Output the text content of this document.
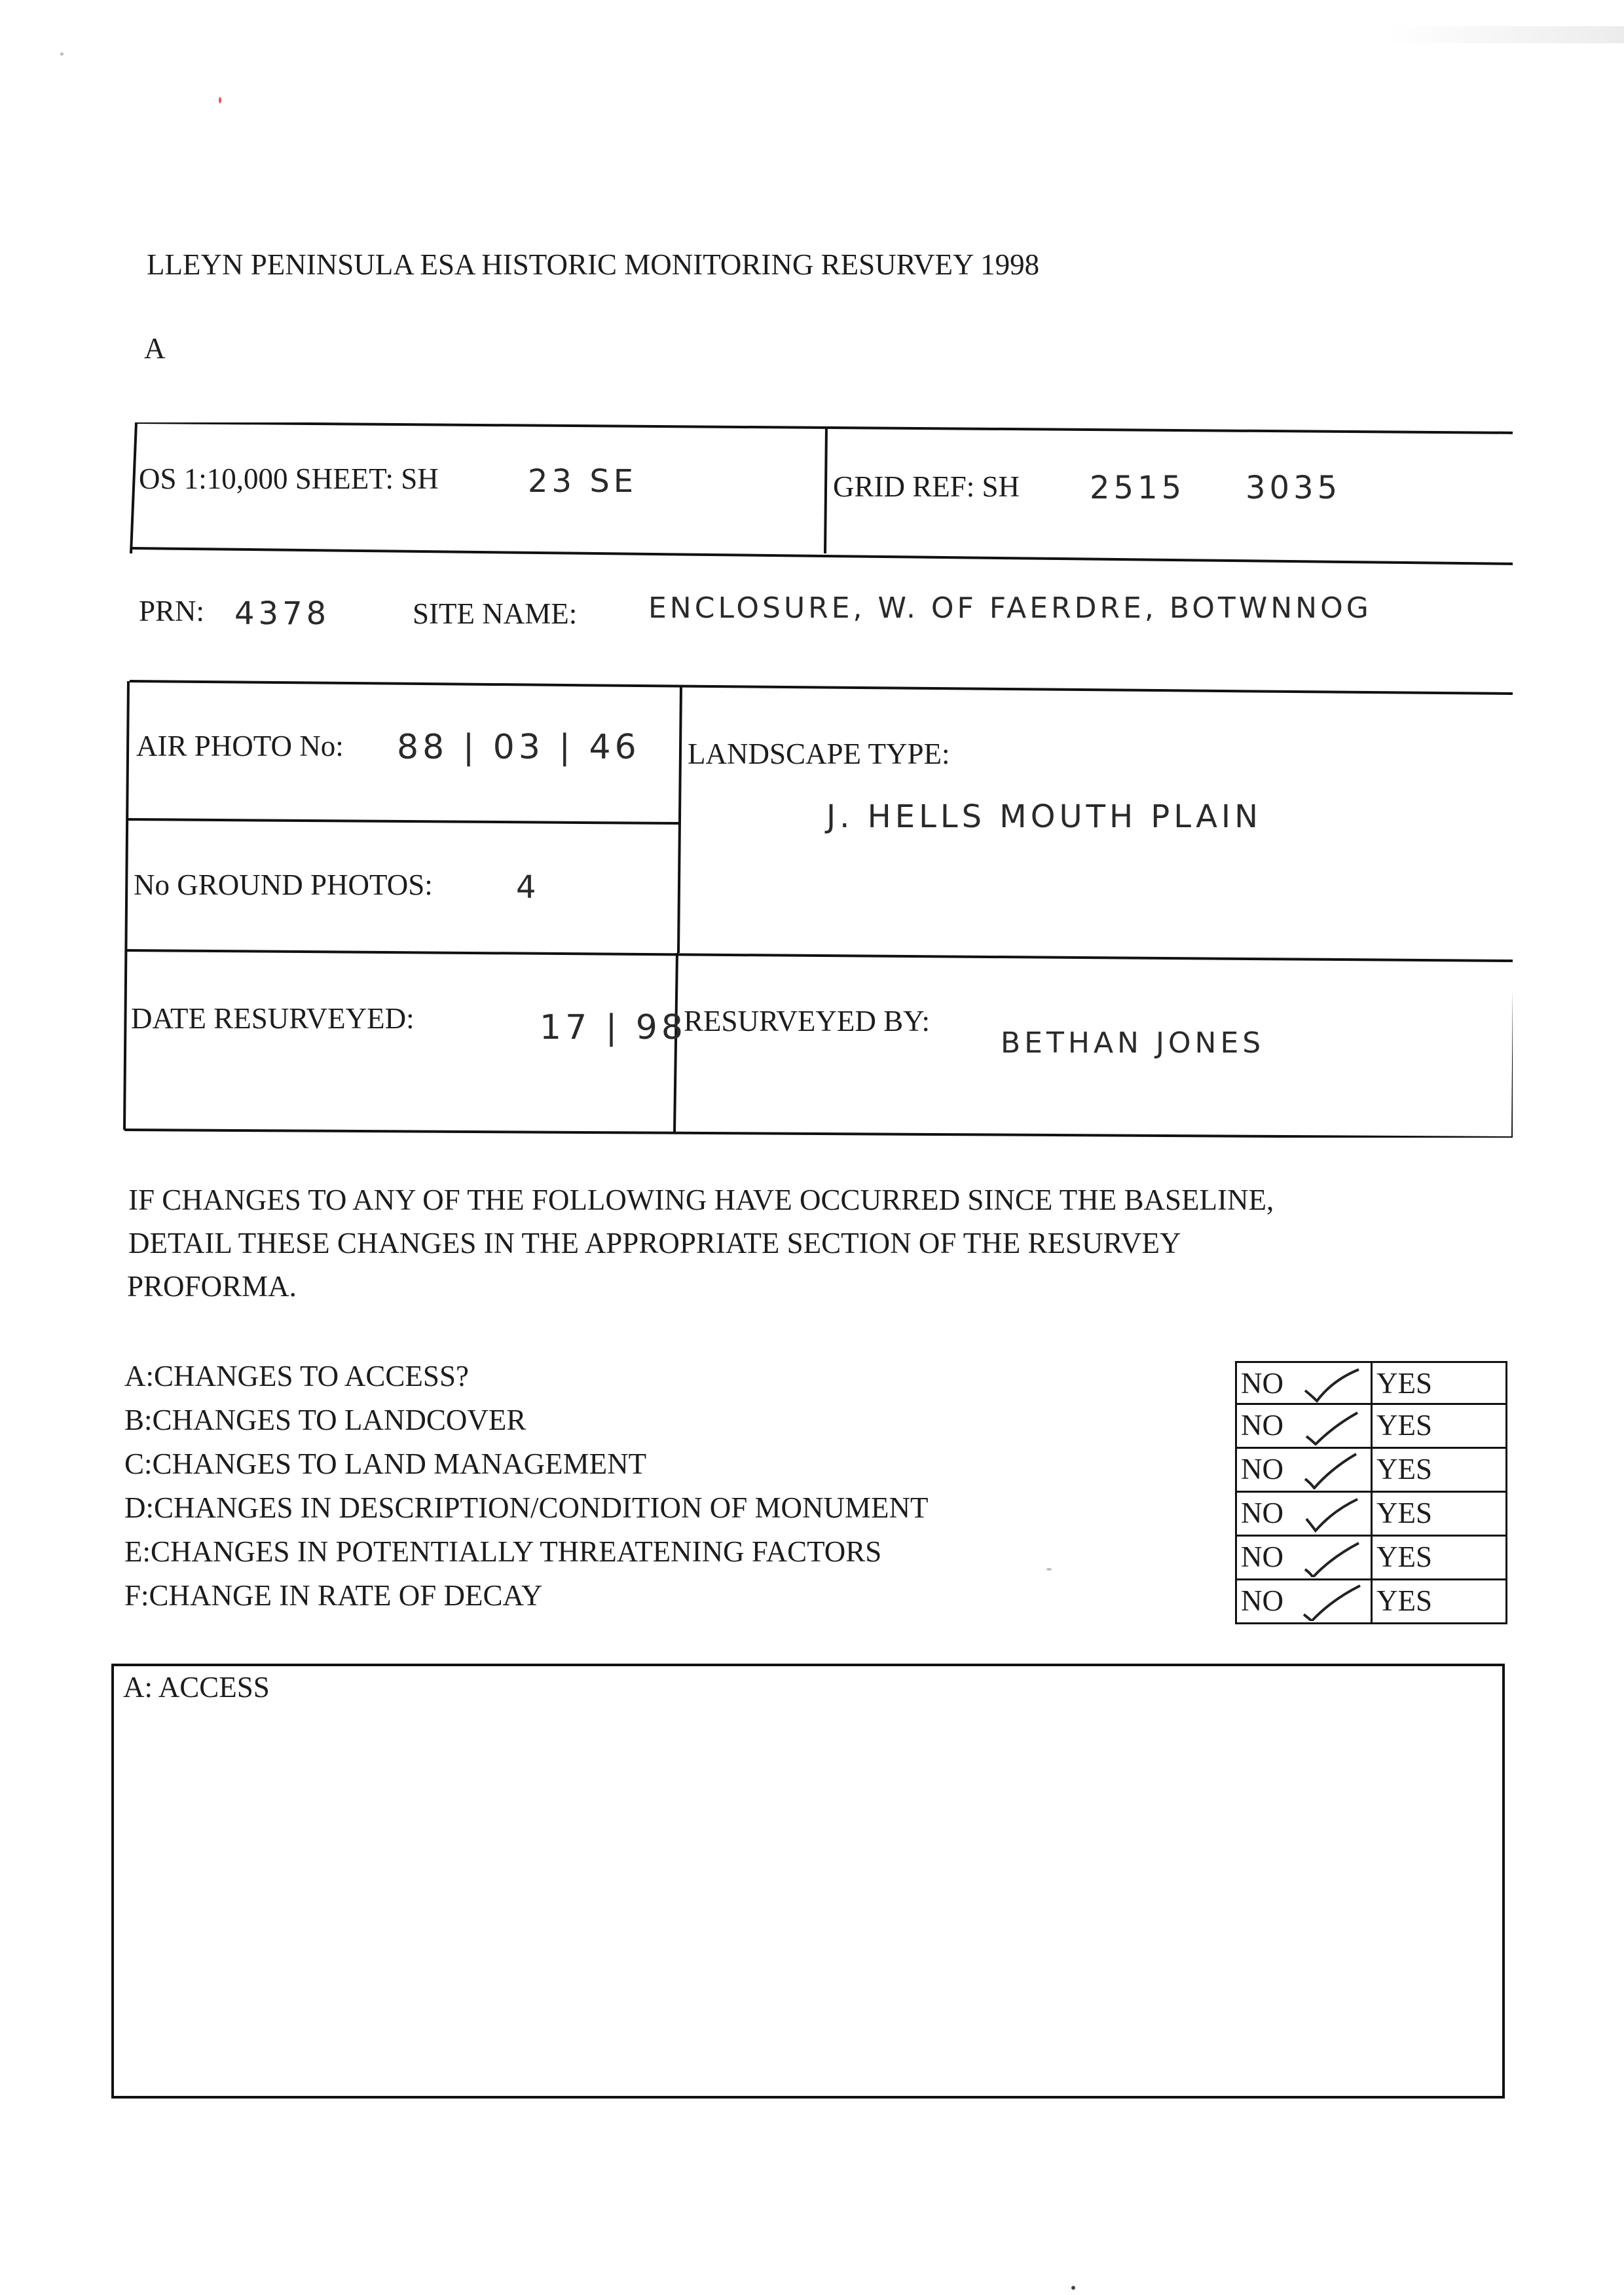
LLEYN PENINSULA ESA HISTORIC MONITORING RESURVEY 1998
A
OS 1:10,000 SHEET: SH	23 SE	GRID REF: SH 2515 3035
PRN: 4378	SITE NAME: ENCLOSURE, W. OF FAERDRE, BOTWNNOG
AIR PHOTO No: 88 | 03 | 46 LANDSCAPE TYPE:
J. HELLS MOUTH PLAIN
No GROUND PHOTOS:	4
DATE RESURVEYED:	17 | 98
RESURVEYED BY:
BETHAN JONES
IF CHANGES TO ANY OF THE FOLLOWING HAVE OCCURRED SINCE THE BASELINE,
DETAIL THESE CHANGES IN THE APPROPRIATE SECTION OF THE RESURVEY
PROFORMA.
A:CHANGES TO ACCESS?
B:CHANGES TO LANDCOVER
C:CHANGES TO LAND MANAGEMENT
D:CHANGES IN DESCRIPTION/CONDITION OF MONUMENT
E:CHANGES IN POTENTIALLY THREATENING FACTORS
F:CHANGE IN RATE OF DECAY
NO	YES
NO	YES
NO	YES
NO	YES
NO	YES
NO	YES
A: ACCESS
